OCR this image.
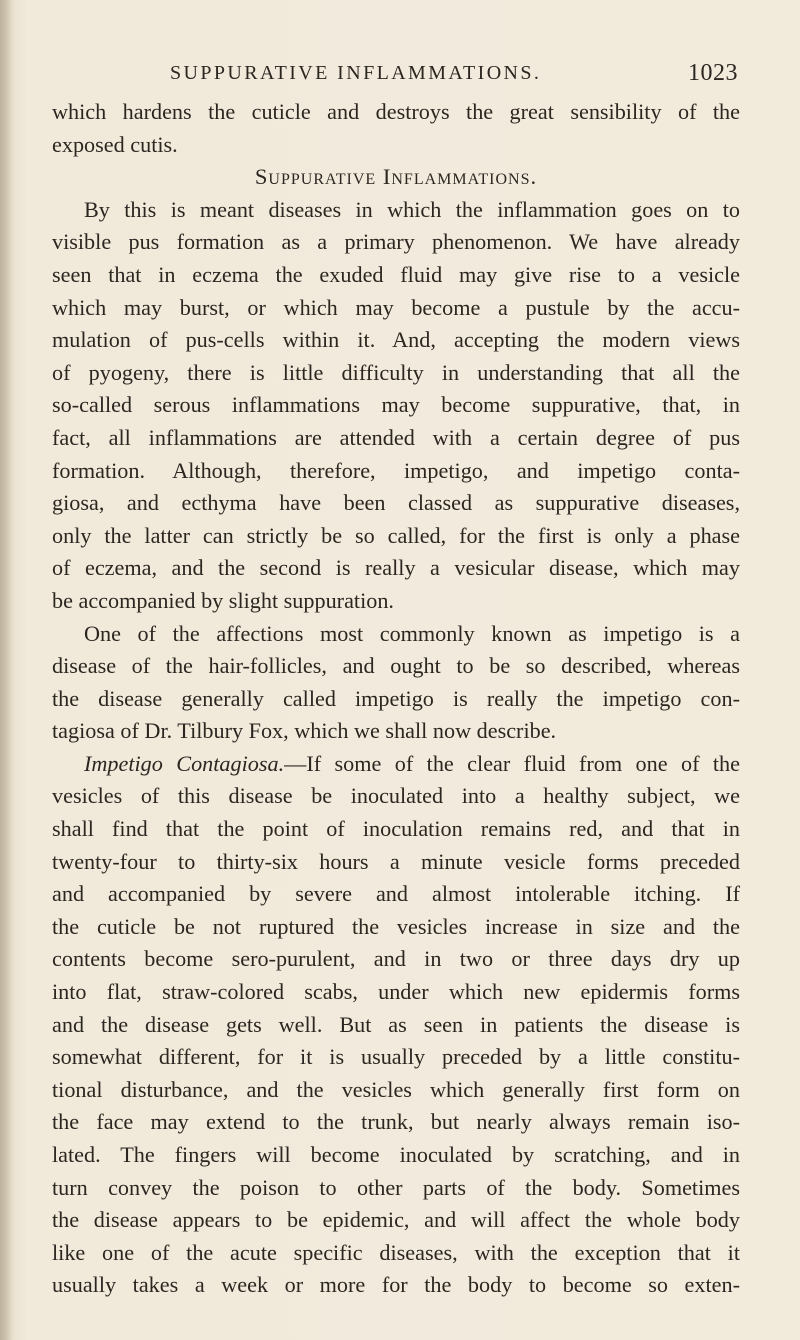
SUPPURATIVE INFLAMMATIONS.	1023
which hardens the cuticle and destroys the great sensibility of the
exposed cutis.
Suppurative Inflammations.
By this is meant diseases in which the inflammation goes on to
visible pus formation as a primary phenomenon. We have already
seen that in eczema the exuded fluid may give rise to a vesicle
which may burst, or which may become a pustule by the accu-
mulation of pus-cells within it. And, accepting the modern views
of pyogeny, there is little difficulty in understanding that all the
so-called serous inflammations may become suppurative, that, in
fact, all inflammations are attended with a certain degree of pus
formation. Although, therefore, impetigo, and impetigo conta-
giosa, and ecthyma have been classed as suppurative diseases,
only the latter can strictly be so called, for the first is only a phase
of eczema, and the second is really a vesicular disease, which may
be accompanied by slight suppuration.
One of the affections most commonly known as impetigo is a
disease of the hair-follicles, and ought to be so described, whereas
the disease generally called impetigo is really the impetigo con-
tagiosa of Dr. Tilbury Fox, which we shall now describe.
Impetigo Contagiosa.—If some of the clear fluid from one of the
vesicles of this disease be inoculated into a healthy subject, we
shall find that the point of inoculation remains red, and that in
twenty-four to thirty-six hours a minute vesicle forms preceded
and accompanied by severe and almost intolerable itching. If
the cuticle be not ruptured the vesicles increase in size and the
contents become sero-purulent, and in two or three days dry up
into flat, straw-colored scabs, under which new epidermis forms
and the disease gets well. But as seen in patients the disease is
somewhat different, for it is usually preceded by a little constitu-
tional disturbance, and the vesicles which generally first form on
the face may extend to the trunk, but nearly always remain iso-
lated. The fingers will become inoculated by scratching, and in
turn convey the poison to other parts of the body. Sometimes
the disease appears to be epidemic, and will affect the whole body
like one of the acute specific diseases, with the exception that it
usually takes a week or more for the body to become so exten-
